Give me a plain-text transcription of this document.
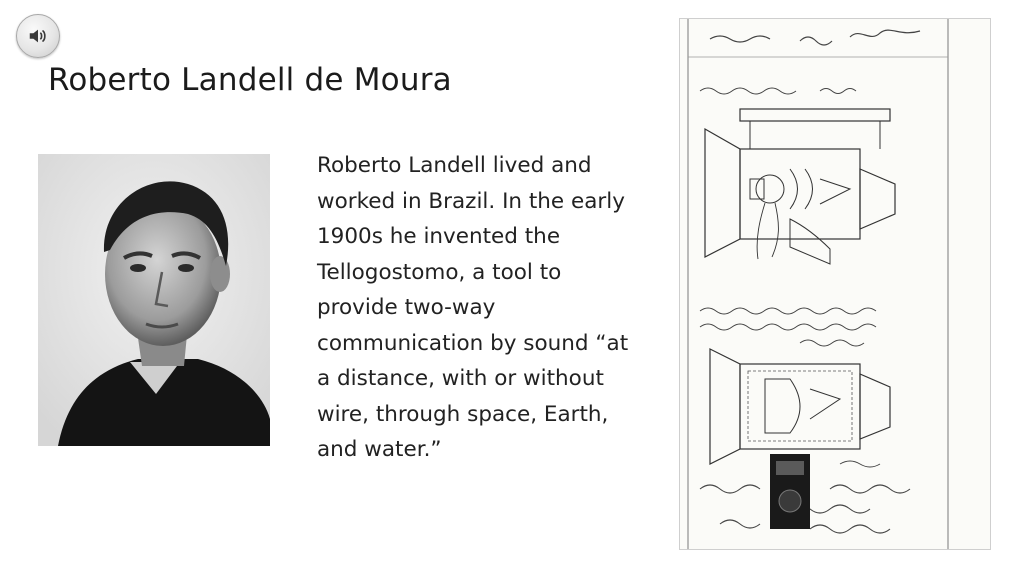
Roberto Landell de Moura

Roberto Landell lived and worked in Brazil. In the early 1900s he invented the Tellogostomo, a tool to provide two-way communication by sound “at a distance, with or without wire, through space, Earth, and water.”
